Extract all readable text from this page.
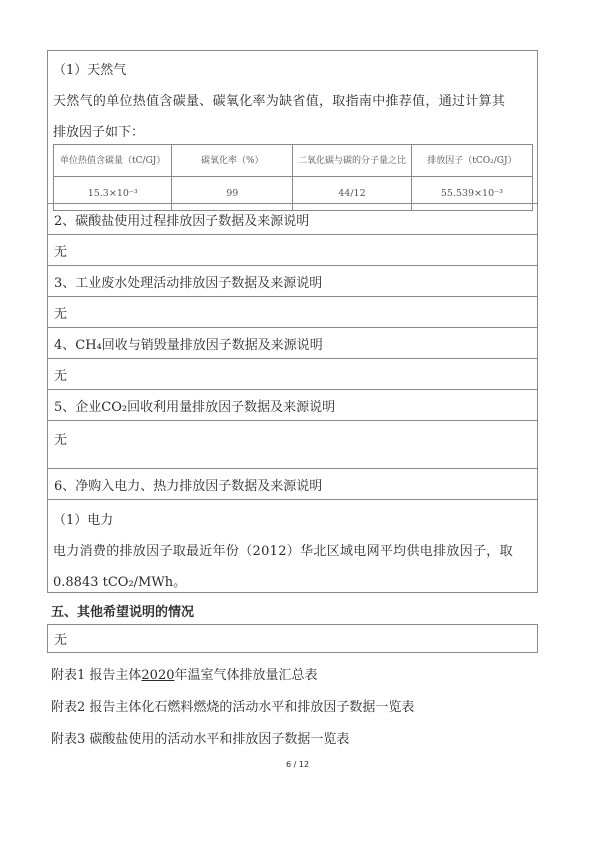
（1）天然气
天然气的单位热值含碳量、碳氧化率为缺省值，取指南中推荐值，通过计算其
排放因子如下：
单位热值含碳量（tC/GJ）	碳氧化率（%）	二氧化碳与碳的分子量之比	排放因子（tCO₂/GJ）
15.3×10⁻³	99	44/12	55.539×10⁻³
2、碳酸盐使用过程排放因子数据及来源说明
无
3、工业废水处理活动排放因子数据及来源说明
无
4、CH₄回收与销毁量排放因子数据及来源说明
无
5、企业CO₂回收利用量排放因子数据及来源说明
无
6、净购入电力、热力排放因子数据及来源说明
（1）电力
电力消费的排放因子取最近年份（2012）华北区域电网平均供电排放因子，取
0.8843 tCO₂/MWh。
五、其他希望说明的情况
无
附表1 报告主体2020年温室气体排放量汇总表
附表2 报告主体化石燃料燃烧的活动水平和排放因子数据一览表
附表3 碳酸盐使用的活动水平和排放因子数据一览表
6 / 12
